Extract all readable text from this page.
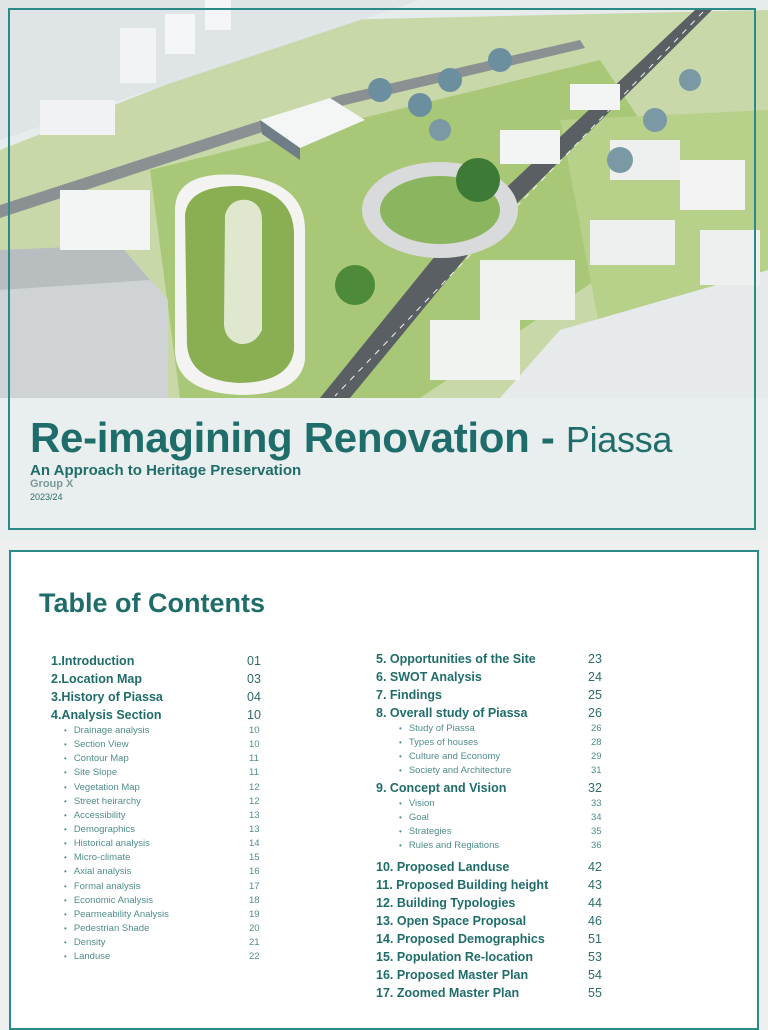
Re-imagining Renovation - Piassa

An Approach to Heritage Preservation

Group X

2023/24

Table of Contents
1.Introduction	01
2.Location Map	03
3.History of Piassa	04
4.Analysis Section	10
• Drainage analysis	10
• Section View	10
• Contour Map	11
• Site Slope	11
• Vegetation Map	12
• Street heirarchy	12
• Accessibility	13
• Demographics	13
• Historical analysis	14
• Micro-climate	15
• Axial analysis	16
• Formal analysis	17
• Economic Analysis	18
• Pearmeability Analysis	19
• Pedestrian Shade	20
• Density	21
• Landuse	22
5. Opportunities of the Site	23
6. SWOT Analysis	24
7. Findings	25
8. Overall study of Piassa	26
• Study of Piassa	26
• Types of houses	28
• Culture and Economy	29
• Society and Architecture	31
9. Concept and Vision	32
• Vision	33
• Goal	34
• Strategies	35
• Rules and Regiations	36
10. Proposed Landuse	42
11. Proposed Building height	43
12. Building Typologies	44
13. Open Space Proposal	46
14. Proposed Demographics	51
15. Population Re-location	53
16. Proposed Master Plan	54
17. Zoomed Master Plan	55
